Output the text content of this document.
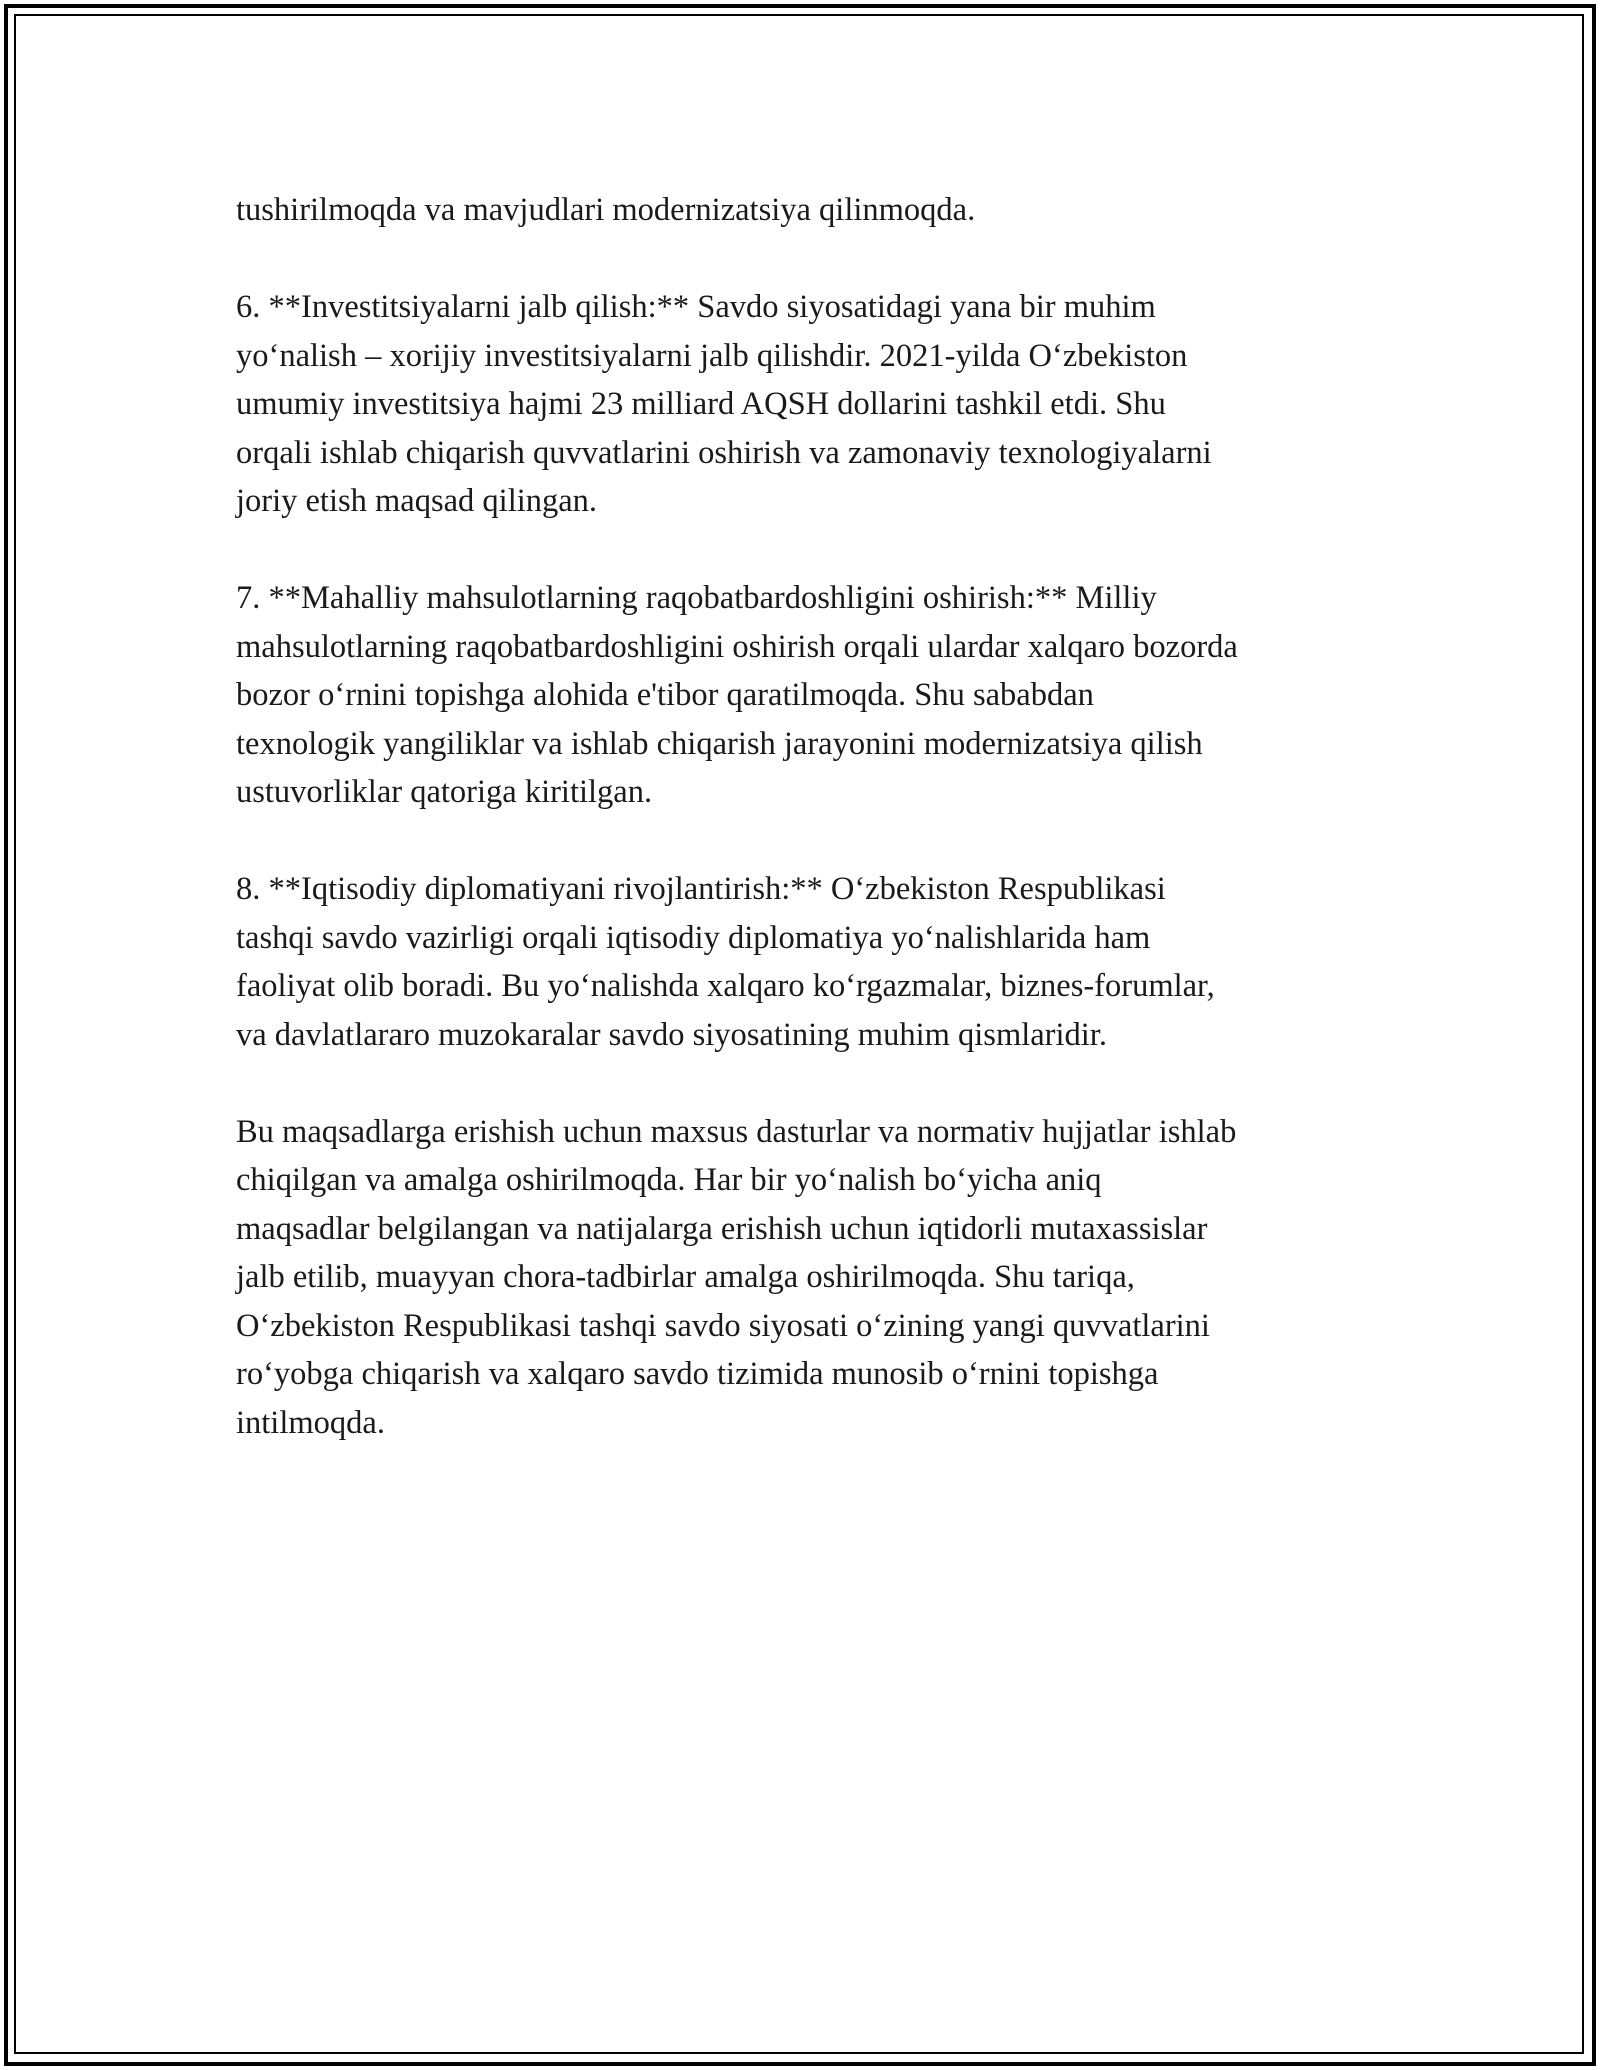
tushirilmoqda va mavjudlari modernizatsiya qilinmoqda.

6. **Investitsiyalarni jalb qilish:** Savdo siyosatidagi yana bir muhim
yo‘nalish – xorijiy investitsiyalarni jalb qilishdir. 2021-yilda O‘zbekiston
umumiy investitsiya hajmi 23 milliard AQSH dollarini tashkil etdi. Shu
orqali ishlab chiqarish quvvatlarini oshirish va zamonaviy texnologiyalarni
joriy etish maqsad qilingan.

7. **Mahalliy mahsulotlarning raqobatbardoshligini oshirish:** Milliy
mahsulotlarning raqobatbardoshligini oshirish orqali ulardar xalqaro bozorda
bozor o‘rnini topishga alohida e'tibor qaratilmoqda. Shu sababdan
texnologik yangiliklar va ishlab chiqarish jarayonini modernizatsiya qilish
ustuvorliklar qatoriga kiritilgan.

8. **Iqtisodiy diplomatiyani rivojlantirish:** O‘zbekiston Respublikasi
tashqi savdo vazirligi orqali iqtisodiy diplomatiya yo‘nalishlarida ham
faoliyat olib boradi. Bu yo‘nalishda xalqaro ko‘rgazmalar, biznes-forumlar,
va davlatlararo muzokaralar savdo siyosatining muhim qismlaridir.

Bu maqsadlarga erishish uchun maxsus dasturlar va normativ hujjatlar ishlab
chiqilgan va amalga oshirilmoqda. Har bir yo‘nalish bo‘yicha aniq
maqsadlar belgilangan va natijalarga erishish uchun iqtidorli mutaxassislar
jalb etilib, muayyan chora-tadbirlar amalga oshirilmoqda. Shu tariqa,
O‘zbekiston Respublikasi tashqi savdo siyosati o‘zining yangi quvvatlarini
ro‘yobga chiqarish va xalqaro savdo tizimida munosib o‘rnini topishga
intilmoqda.
